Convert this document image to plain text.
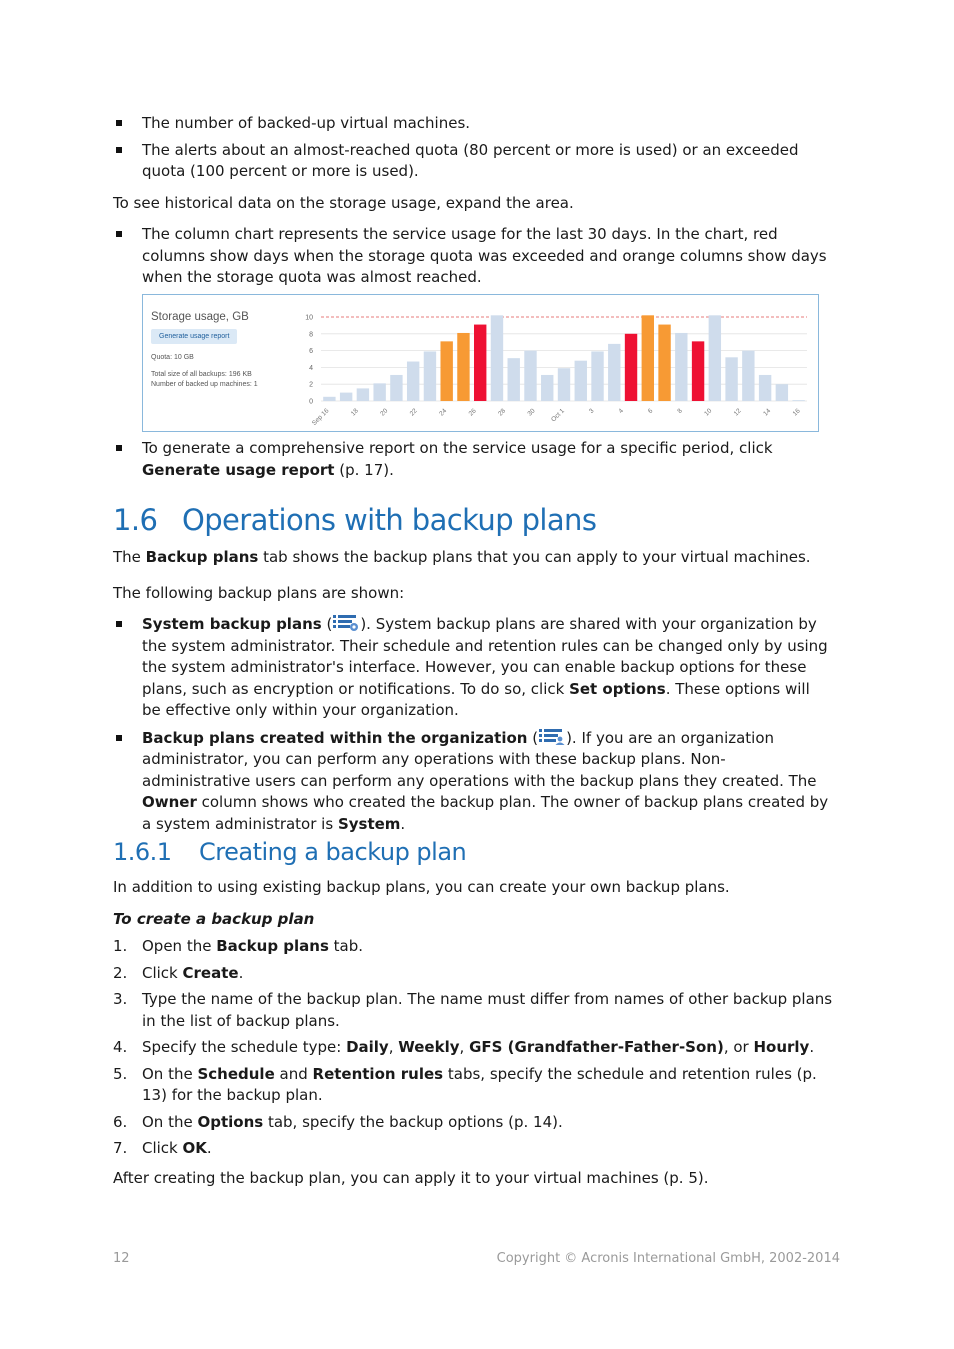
The number of backed-up virtual machines.
The alerts about an almost-reached quota (80 percent or more is used) or an exceeded quota (100 percent or more is used).

To see historical data on the storage usage, expand the area.

The column chart represents the service usage for the last 30 days. In the chart, red columns show days when the storage quota was exceeded and orange columns show days when the storage quota was almost reached.
Storage usage, GB
Generate usage report
Quota: 10 GB
Total size of all backups: 196 KB
Number of backed up machines: 1
0
2
4
6
8
10
Sep 16	18	20	22	24	26	28	30 Oct 1	3	4	6	8	10	12	14	16
To generate a comprehensive report on the service usage for a specific period, click Generate usage report (p. 17).
1.6 Operations with backup plans

The Backup plans tab shows the backup plans that you can apply to your virtual machines.

The following backup plans are shown:

System backup plans ( ). System backup plans are shared with your organization by the system administrator. Their schedule and retention rules can be changed only by using the system administrator's interface. However, you can enable backup options for these plans, such as encryption or notifications. To do so, click Set options. These options will be effective only within your organization.
Backup plans created within the organization ( ). If you are an organization administrator, you can perform any operations with these backup plans. Non-administrative users can perform any operations with the backup plans they created. The Owner column shows who created the backup plan. The owner of backup plans created by a system administrator is System.
1.6.1 Creating a backup plan

In addition to using existing backup plans, you can create your own backup plans.

To create a backup plan

1. Open the Backup plans tab.
2. Click Create.
3. Type the name of the backup plan. The name must differ from names of other backup plans in the list of backup plans.
4. Specify the schedule type: Daily, Weekly, GFS (Grandfather-Father-Son), or Hourly.
5. On the Schedule and Retention rules tabs, specify the schedule and retention rules (p. 13) for the backup plan.
6. On the Options tab, specify the backup options (p. 14).
7. Click OK.

After creating the backup plan, you can apply it to your virtual machines (p. 5).

12	Copyright © Acronis International GmbH, 2002-2014
